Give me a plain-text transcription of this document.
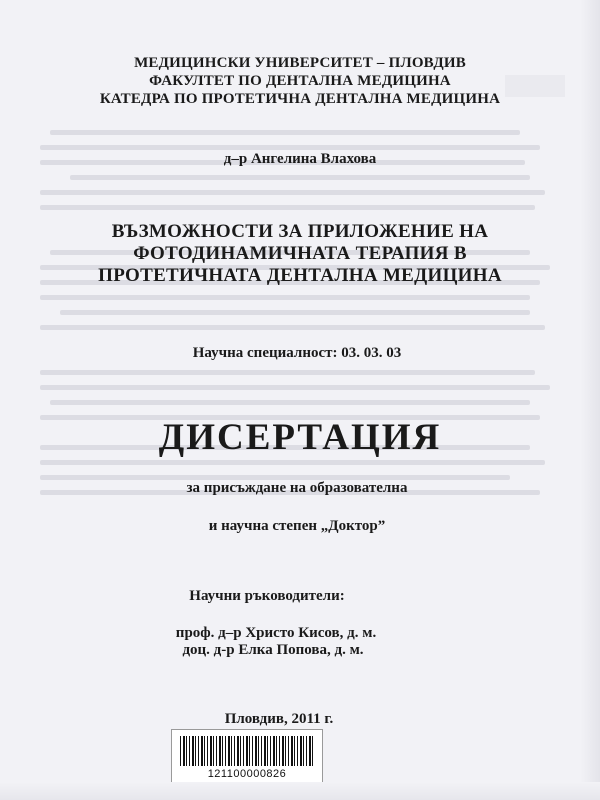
МЕДИЦИНСКИ УНИВЕРСИТЕТ – ПЛОВДИВ
ФАКУЛТЕТ ПО ДЕНТАЛНА МЕДИЦИНА
КАТЕДРА ПО ПРОТЕТИЧНА ДЕНТАЛНА МЕДИЦИНА
д–р Ангелина Влахова
ВЪЗМОЖНОСТИ ЗА ПРИЛОЖЕНИЕ НА
ФОТОДИНАМИЧНАТА ТЕРАПИЯ В
ПРОТЕТИЧНАТА ДЕНТАЛНА МЕДИЦИНА
Научна специалност: 03. 03. 03
ДИСЕРТАЦИЯ
за присъждане на образователна
и научна степен „Доктор”
Научни ръководители:
проф. д–р Христо Кисов, д. м.
доц. д-р Елка Попова, д. м.
Пловдив, 2011 г.
121100000826
